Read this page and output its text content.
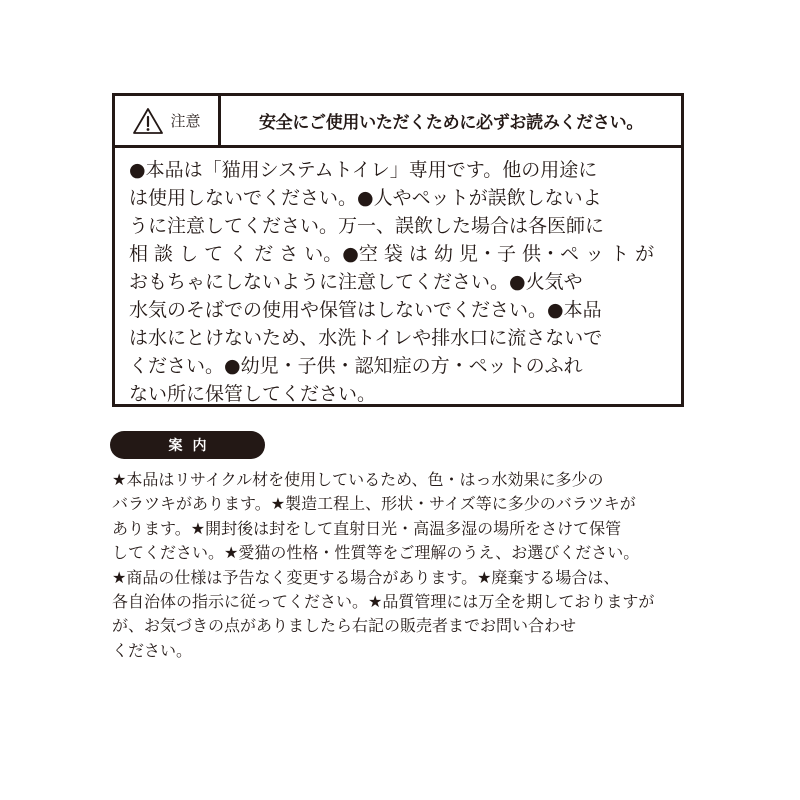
注意	安全にご使用いただくために必ずお読みください。
●本品は「猫用システムトイレ」専用です。他の用途に
は使用しないでください。●人やペットが誤飲しないよ
うに注意してください。万一、誤飲した場合は各医師に
相 談 し て く だ さ い。●空 袋 は 幼 児・子 供・ペ ッ ト が
おもちゃにしないように注意してください。●火気や
水気のそばでの使用や保管はしないでください。●本品
は水にとけないため、水洗トイレや排水口に流さないで
ください。●幼児・子供・認知症の方・ペットのふれ
ない所に保管してください。
案内
★本品はリサイクル材を使用しているため、色・はっ水効果に多少の
バラツキがあります。★製造工程上、形状・サイズ等に多少のバラツキが
あります。★開封後は封をして直射日光・高温多湿の場所をさけて保管
してください。★愛猫の性格・性質等をご理解のうえ、お選びください。
★商品の仕様は予告なく変更する場合があります。★廃棄する場合は、
各自治体の指示に従ってください。★品質管理には万全を期しておりますが
が、お気づきの点がありましたら右記の販売者までお問い合わせ
ください。
